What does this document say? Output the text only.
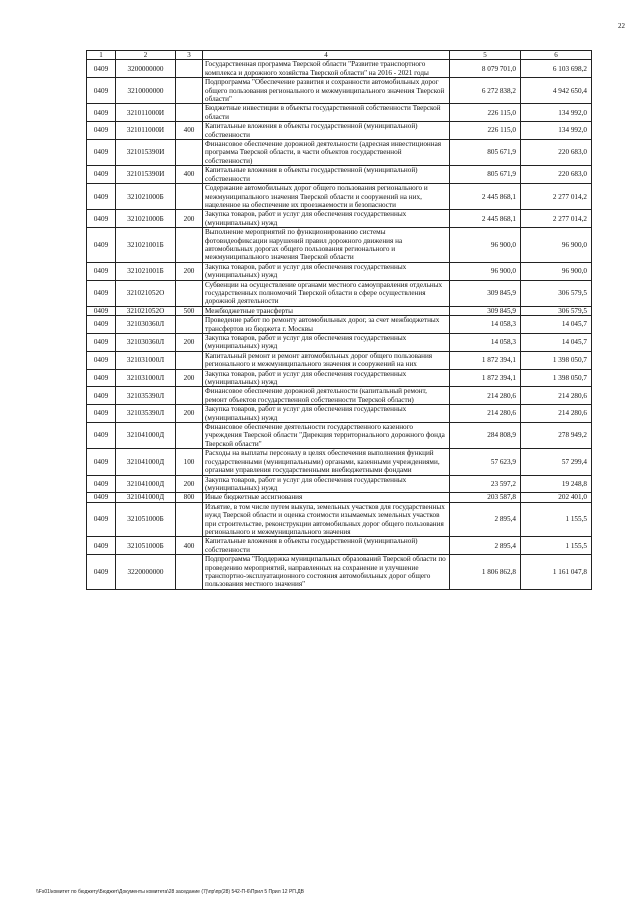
22
1	2	3	4	5	6
0409	3200000000		Государственная программа Тверской области "Развитие транспортного комплекса и дорожного хозяйства Тверской области" на 2016 - 2021 годы	8 079 701,0	6 103 698,2
0409	3210000000		Подпрограмма "Обеспечение развития и сохранности автомобильных дорог общего пользования регионального и межмуниципального значения Тверской области"	6 272 838,2	4 942 650,4
0409	321011000И		Бюджетные инвестиции в объекты государственной собственности Тверской области	226 115,0	134 992,0
0409	321011000И	400	Капитальные вложения в объекты государственной (муниципальной) собственности	226 115,0	134 992,0
0409	321015390И		Финансовое обеспечение дорожной деятельности (адресная инвестиционная программа Тверской области, в части объектов государственной собственности)	805 671,9	220 683,0
0409	321015390И	400	Капитальные вложения в объекты государственной (муниципальной) собственности	805 671,9	220 683,0
0409	321021000Б		Содержание автомобильных дорог общего пользования регионального и межмуниципального значения Тверской области и сооружений на них, нацеленное на обеспечение их проезжаемости и безопасности	2 445 868,1	2 277 014,2
0409	321021000Б	200	Закупка товаров, работ и услуг для обеспечения государственных (муниципальных) нужд	2 445 868,1	2 277 014,2
0409	321021001Б		Выполнение мероприятий по функционированию системы фотовидеофиксации нарушений правил дорожного движения на автомобильных дорогах общего пользования регионального и межмуниципального значения Тверской области	96 900,0	96 900,0
0409	321021001Б	200	Закупка товаров, работ и услуг для обеспечения государственных (муниципальных) нужд	96 900,0	96 900,0
0409	321021052О		Субвенции на осуществление органами местного самоуправления отдельных государственных полномочий Тверской области в сфере осуществления дорожной деятельности	309 845,9	306 579,5
0409	321021052О	500	Межбюджетные трансферты	309 845,9	306 579,5
0409	321030360Л		Проведение работ по ремонту автомобильных дорог, за счет межбюджетных трансфертов из бюджета г. Москвы	14 058,3	14 045,7
0409	321030360Л	200	Закупка товаров, работ и услуг для обеспечения государственных (муниципальных) нужд	14 058,3	14 045,7
0409	321031000Л		Капитальный ремонт и ремонт автомобильных дорог общего пользования регионального и межмуниципального значения и сооружений на них	1 872 394,1	1 398 050,7
0409	321031000Л	200	Закупка товаров, работ и услуг для обеспечения государственных (муниципальных) нужд	1 872 394,1	1 398 050,7
0409	321035390Л		Финансовое обеспечение дорожной деятельности (капитальный ремонт, ремонт объектов государственной собственности Тверской области)	214 280,6	214 280,6
0409	321035390Л	200	Закупка товаров, работ и услуг для обеспечения государственных (муниципальных) нужд	214 280,6	214 280,6
0409	321041000Д		Финансовое обеспечение деятельности государственного казенного учреждения Тверской области "Дирекция территориального дорожного фонда Тверской области"	284 808,9	278 949,2
0409	321041000Д	100	Расходы на выплаты персоналу в целях обеспечения выполнения функций государственными (муниципальными) органами, казенными учреждениями, органами управления государственными внебюджетными фондами	57 623,9	57 299,4
0409	321041000Д	200	Закупка товаров, работ и услуг для обеспечения государственных (муниципальных) нужд	23 597,2	19 248,8
0409	321041000Д	800	Иные бюджетные ассигнования	203 587,8	202 401,0
0409	321051000Б		Изъятие, в том числе путем выкупа, земельных участков для государственных нужд Тверской области и оценка стоимости изымаемых земельных участков при строительстве, реконструкции автомобильных дорог общего пользования регионального и межмуниципального значения	2 895,4	1 155,5
0409	321051000Б	400	Капитальные вложения в объекты государственной (муниципальной) собственности	2 895,4	1 155,5
0409	3220000000		Подпрограмма "Поддержка муниципальных образований Тверской области по проведению мероприятий, направленных на сохранение и улучшение транспортно-эксплуатационного состояния автомобильных дорог общего пользования местного значения"	1 806 862,8	1 161 047,8
\\Fs01\комитет по бюджету\Бюджет\Документы комитета\28 заседание (7)\пр\пр(28) 542-П-6\Прил 5 Прил 12 РП.ДВ
